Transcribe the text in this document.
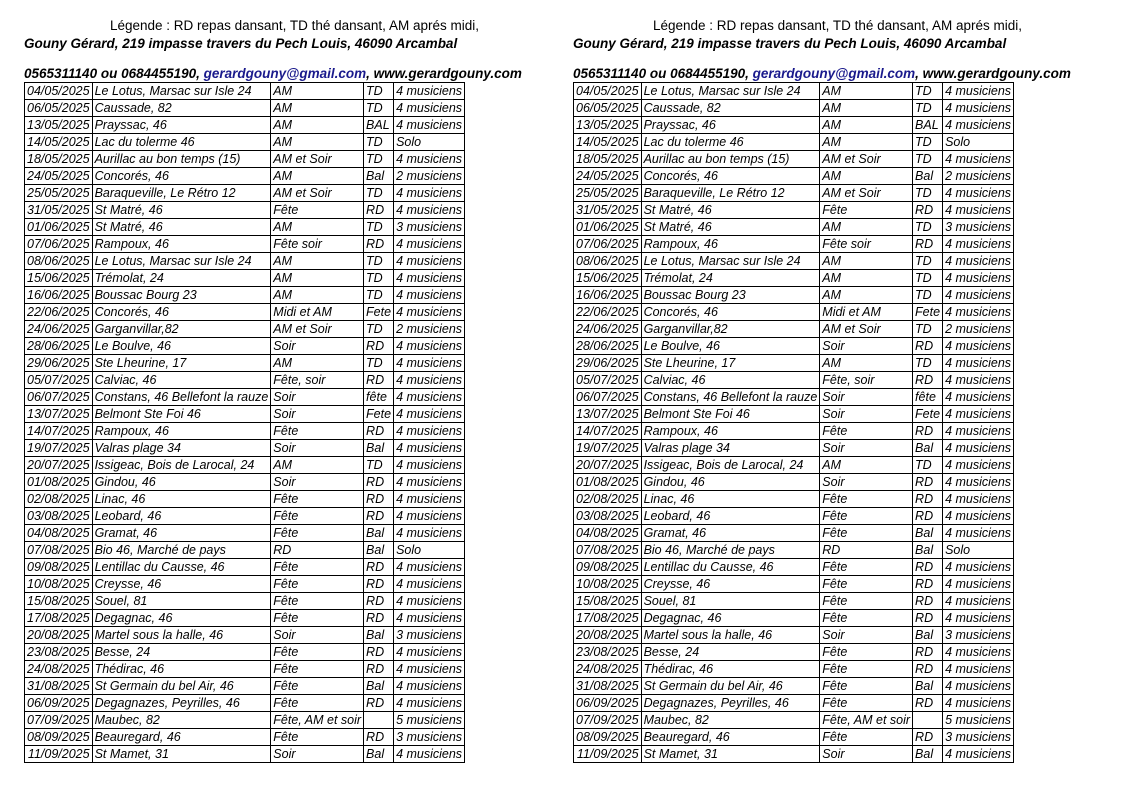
Légende : RD repas dansant, TD thé dansant, AM aprés midi,
Gouny Gérard, 219 impasse travers du Pech Louis, 46090 Arcambal
0565311140 ou 0684455190, gerardgouny@gmail.com, www.gerardgouny.com
04/05/2025	Le Lotus, Marsac sur Isle 24	AM	TD	4 musiciens
06/05/2025	Caussade, 82	AM	TD	4 musiciens
13/05/2025	Prayssac, 46	AM	BAL	4 musiciens
14/05/2025	Lac du tolerme 46	AM	TD	Solo
18/05/2025	Aurillac au bon temps (15)	AM et Soir	TD	4 musiciens
24/05/2025	Concorés, 46	AM	Bal	2 musiciens
25/05/2025	Baraqueville, Le Rétro 12	AM et Soir	TD	4 musiciens
31/05/2025	St Matré, 46	Fête	RD	4 musiciens
01/06/2025	St Matré, 46	AM	TD	3 musiciens
07/06/2025	Rampoux, 46	Fête soir	RD	4 musiciens
08/06/2025	Le Lotus, Marsac sur Isle 24	AM	TD	4 musiciens
15/06/2025	Trémolat, 24	AM	TD	4 musiciens
16/06/2025	Boussac Bourg 23	AM	TD	4 musiciens
22/06/2025	Concorés, 46	Midi et AM	Fete	4 musiciens
24/06/2025	Garganvillar,82	AM et Soir	TD	2 musiciens
28/06/2025	Le Boulve, 46	Soir	RD	4 musiciens
29/06/2025	Ste Lheurine, 17	AM	TD	4 musiciens
05/07/2025	Calviac, 46	Fête, soir	RD	4 musiciens
06/07/2025	Constans, 46 Bellefont la rauze	Soir	fête	4 musiciens
13/07/2025	Belmont Ste Foi 46	Soir	Fete	4 musiciens
14/07/2025	Rampoux, 46	Fête	RD	4 musiciens
19/07/2025	Valras plage 34	Soir	Bal	4 musiciens
20/07/2025	Issigeac, Bois de Larocal, 24	AM	TD	4 musiciens
01/08/2025	Gindou, 46	Soir	RD	4 musiciens
02/08/2025	Linac, 46	Fête	RD	4 musiciens
03/08/2025	Leobard, 46	Fête	RD	4 musiciens
04/08/2025	Gramat, 46	Fête	Bal	4 musiciens
07/08/2025	Bio 46, Marché de pays	RD	Bal	Solo
09/08/2025	Lentillac du Causse, 46	Fête	RD	4 musiciens
10/08/2025	Creysse, 46	Fête	RD	4 musiciens
15/08/2025	Souel, 81	Fête	RD	4 musiciens
17/08/2025	Degagnac, 46	Fête	RD	4 musiciens
20/08/2025	Martel sous la halle, 46	Soir	Bal	3 musiciens
23/08/2025	Besse, 24	Fête	RD	4 musiciens
24/08/2025	Thédirac, 46	Fête	RD	4 musiciens
31/08/2025	St Germain du bel Air, 46	Fête	Bal	4 musiciens
06/09/2025	Degagnazes, Peyrilles, 46	Fête	RD	4 musiciens
07/09/2025	Maubec, 82	Fête, AM et soir		5 musiciens
08/09/2025	Beauregard, 46	Fête	RD	3 musiciens
11/09/2025	St Mamet, 31	Soir	Bal	4 musiciens
Légende : RD repas dansant, TD thé dansant, AM aprés midi,
Gouny Gérard, 219 impasse travers du Pech Louis, 46090 Arcambal
0565311140 ou 0684455190, gerardgouny@gmail.com, www.gerardgouny.com
04/05/2025	Le Lotus, Marsac sur Isle 24	AM	TD	4 musiciens
06/05/2025	Caussade, 82	AM	TD	4 musiciens
13/05/2025	Prayssac, 46	AM	BAL	4 musiciens
14/05/2025	Lac du tolerme 46	AM	TD	Solo
18/05/2025	Aurillac au bon temps (15)	AM et Soir	TD	4 musiciens
24/05/2025	Concorés, 46	AM	Bal	2 musiciens
25/05/2025	Baraqueville, Le Rétro 12	AM et Soir	TD	4 musiciens
31/05/2025	St Matré, 46	Fête	RD	4 musiciens
01/06/2025	St Matré, 46	AM	TD	3 musiciens
07/06/2025	Rampoux, 46	Fête soir	RD	4 musiciens
08/06/2025	Le Lotus, Marsac sur Isle 24	AM	TD	4 musiciens
15/06/2025	Trémolat, 24	AM	TD	4 musiciens
16/06/2025	Boussac Bourg 23	AM	TD	4 musiciens
22/06/2025	Concorés, 46	Midi et AM	Fete	4 musiciens
24/06/2025	Garganvillar,82	AM et Soir	TD	2 musiciens
28/06/2025	Le Boulve, 46	Soir	RD	4 musiciens
29/06/2025	Ste Lheurine, 17	AM	TD	4 musiciens
05/07/2025	Calviac, 46	Fête, soir	RD	4 musiciens
06/07/2025	Constans, 46 Bellefont la rauze	Soir	fête	4 musiciens
13/07/2025	Belmont Ste Foi 46	Soir	Fete	4 musiciens
14/07/2025	Rampoux, 46	Fête	RD	4 musiciens
19/07/2025	Valras plage 34	Soir	Bal	4 musiciens
20/07/2025	Issigeac, Bois de Larocal, 24	AM	TD	4 musiciens
01/08/2025	Gindou, 46	Soir	RD	4 musiciens
02/08/2025	Linac, 46	Fête	RD	4 musiciens
03/08/2025	Leobard, 46	Fête	RD	4 musiciens
04/08/2025	Gramat, 46	Fête	Bal	4 musiciens
07/08/2025	Bio 46, Marché de pays	RD	Bal	Solo
09/08/2025	Lentillac du Causse, 46	Fête	RD	4 musiciens
10/08/2025	Creysse, 46	Fête	RD	4 musiciens
15/08/2025	Souel, 81	Fête	RD	4 musiciens
17/08/2025	Degagnac, 46	Fête	RD	4 musiciens
20/08/2025	Martel sous la halle, 46	Soir	Bal	3 musiciens
23/08/2025	Besse, 24	Fête	RD	4 musiciens
24/08/2025	Thédirac, 46	Fête	RD	4 musiciens
31/08/2025	St Germain du bel Air, 46	Fête	Bal	4 musiciens
06/09/2025	Degagnazes, Peyrilles, 46	Fête	RD	4 musiciens
07/09/2025	Maubec, 82	Fête, AM et soir		5 musiciens
08/09/2025	Beauregard, 46	Fête	RD	3 musiciens
11/09/2025	St Mamet, 31	Soir	Bal	4 musiciens
